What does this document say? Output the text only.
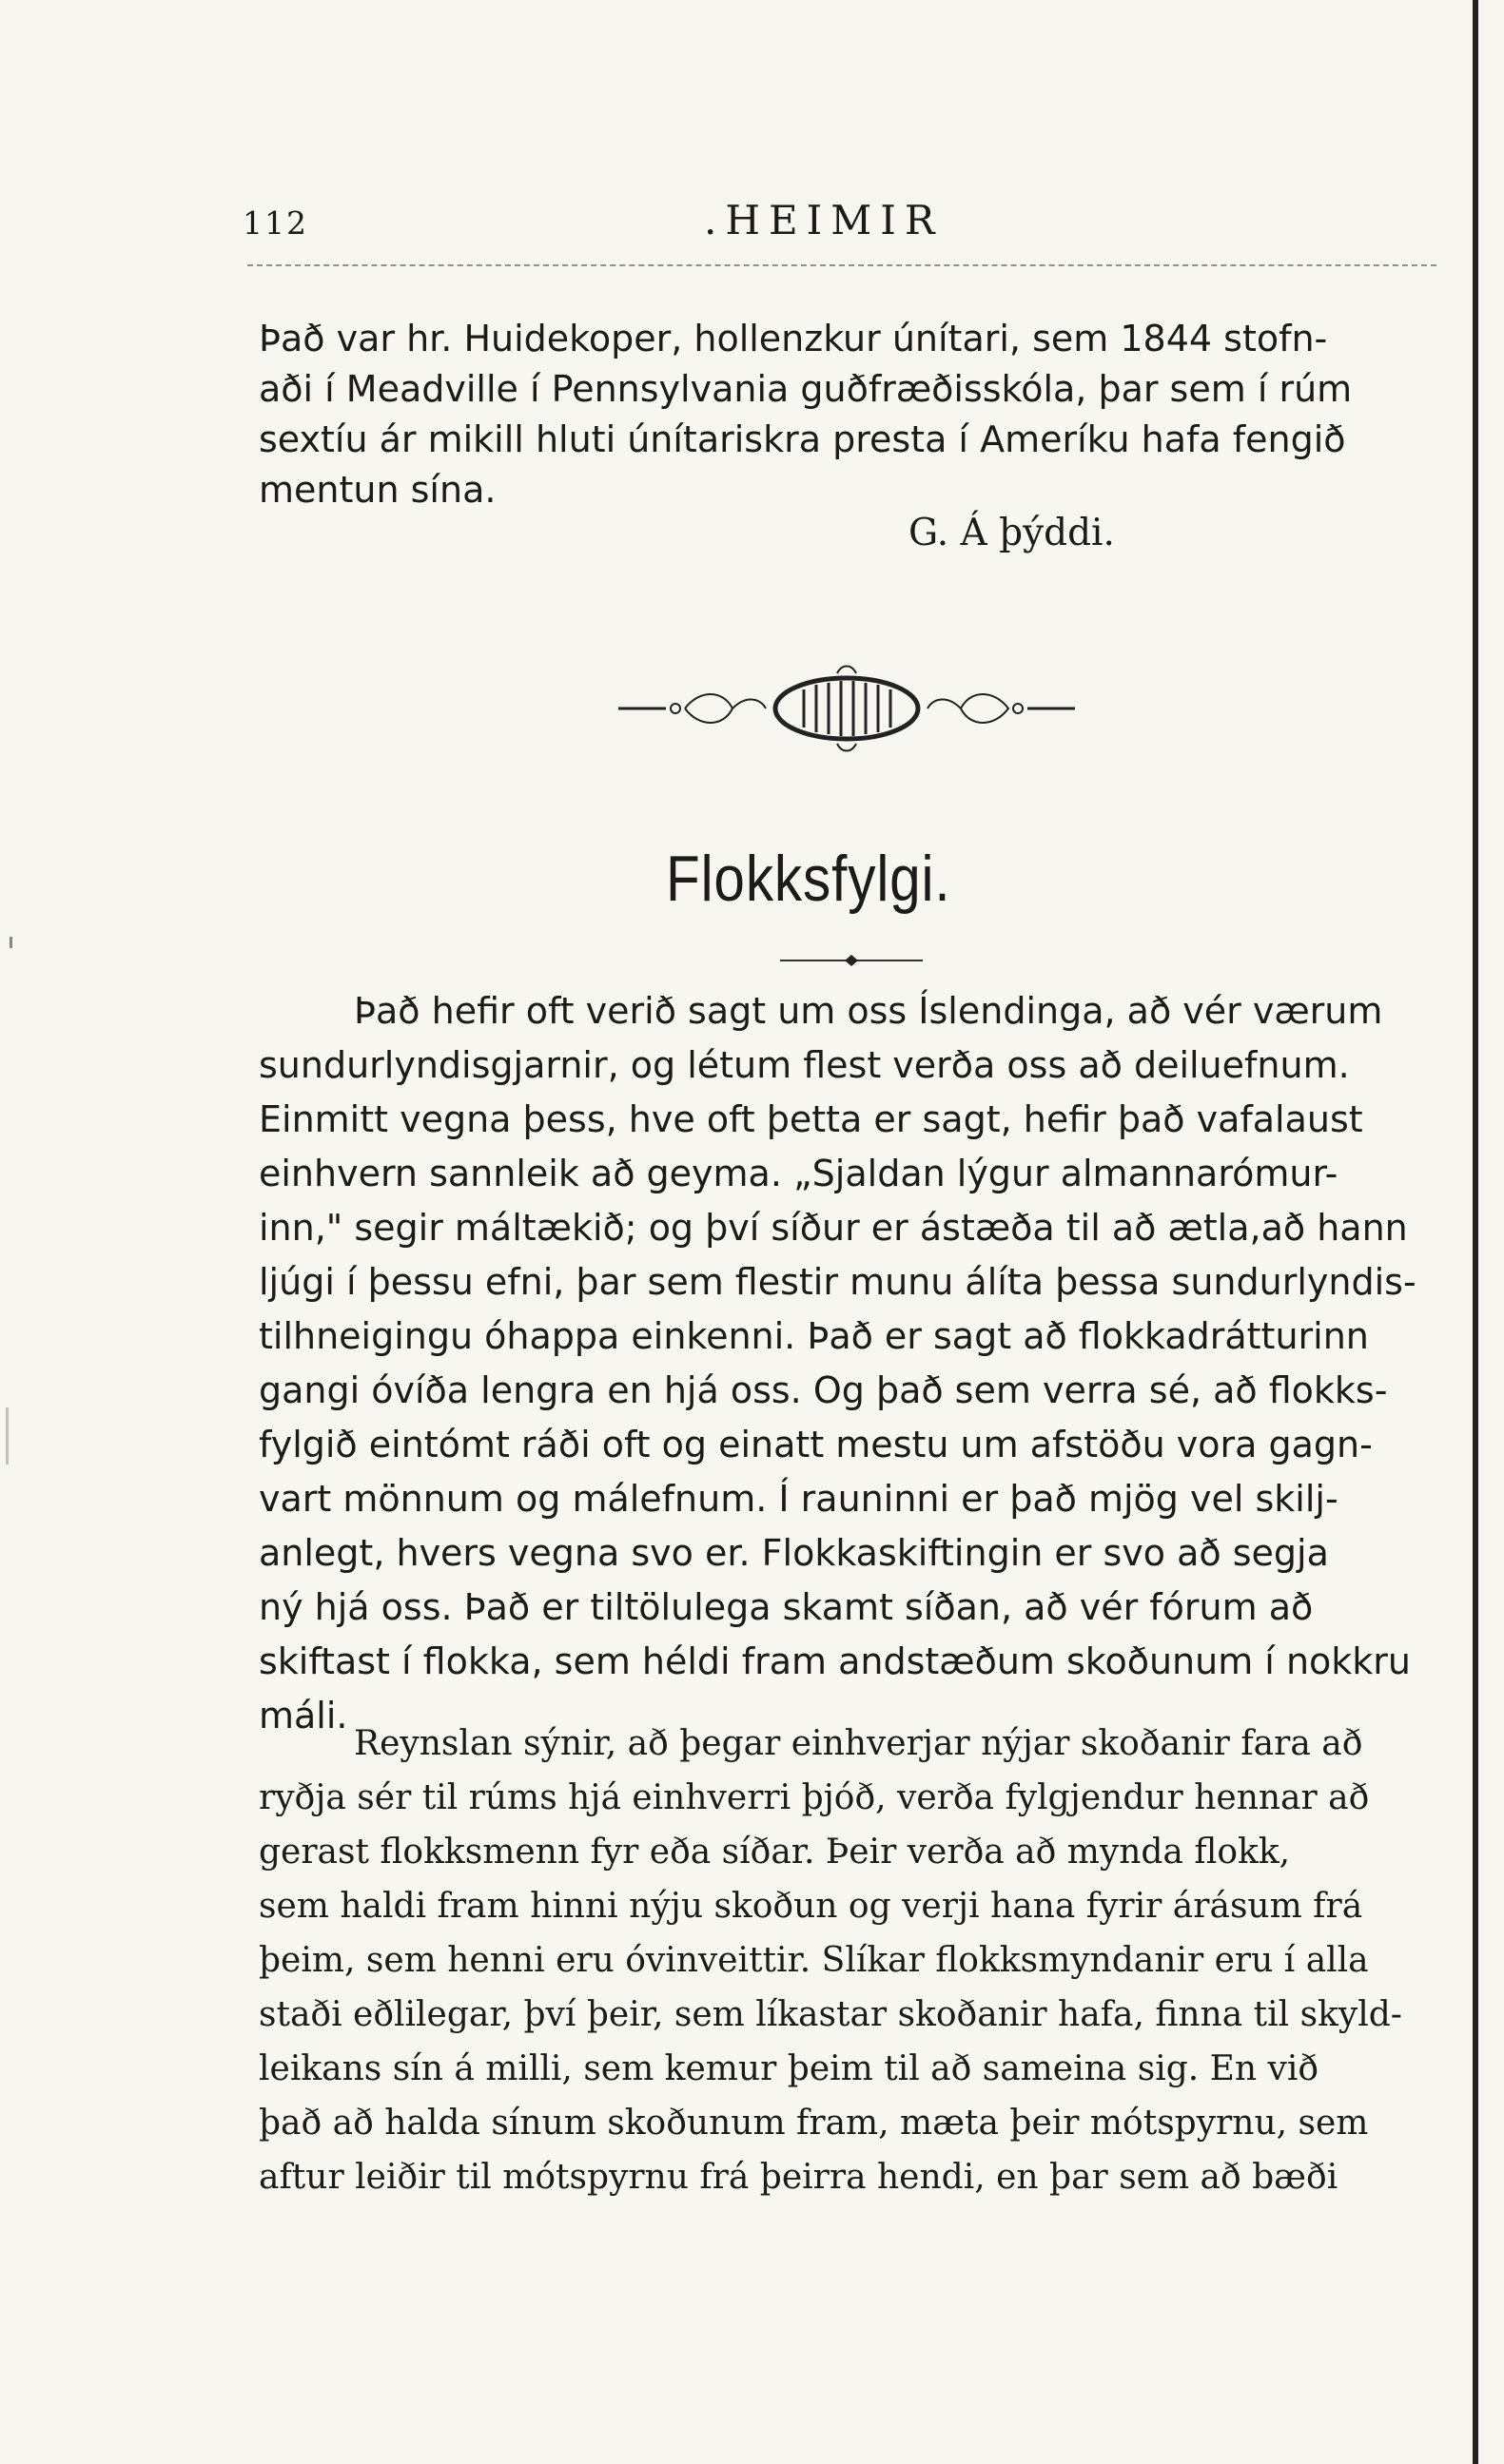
112	.HEIMIR
Það var hr. Huidekoper, hollenzkur únítari, sem 1844 stofn-
aði í Meadville í Pennsylvania guðfræðisskóla, þar sem í rúm
sextíu ár mikill hluti únítariskra presta í Ameríku hafa fengið
mentun sína.
G. Á þýddi.
Flokksfylgi.
Það hefir oft verið sagt um oss Íslendinga, að vér værum
sundurlyndisgjarnir, og létum flest verða oss að deiluefnum.
Einmitt vegna þess, hve oft þetta er sagt, hefir það vafalaust
einhvern sannleik að geyma. „Sjaldan lýgur almannarómur-
inn," segir máltækið; og því síður er ástæða til að ætla,að hann
ljúgi í þessu efni, þar sem flestir munu álíta þessa sundurlyndis-
tilhneigingu óhappa einkenni. Það er sagt að flokkadrátturinn
gangi óvíða lengra en hjá oss. Og það sem verra sé, að flokks-
fylgið eintómt ráði oft og einatt mestu um afstöðu vora gagn-
vart mönnum og málefnum. Í rauninni er það mjög vel skilj-
anlegt, hvers vegna svo er. Flokkaskiftingin er svo að segja
ný hjá oss. Það er tiltölulega skamt síðan, að vér fórum að
skiftast í flokka, sem héldi fram andstæðum skoðunum í nokkru
máli.
Reynslan sýnir, að þegar einhverjar nýjar skoðanir fara að
ryðja sér til rúms hjá einhverri þjóð, verða fylgjendur hennar að
gerast flokksmenn fyr eða síðar. Þeir verða að mynda flokk,
sem haldi fram hinni nýju skoðun og verji hana fyrir árásum frá
þeim, sem henni eru óvinveittir. Slíkar flokksmyndanir eru í alla
staði eðlilegar, því þeir, sem líkastar skoðanir hafa, finna til skyld-
leikans sín á milli, sem kemur þeim til að sameina sig. En við
það að halda sínum skoðunum fram, mæta þeir mótspyrnu, sem
aftur leiðir til mótspyrnu frá þeirra hendi, en þar sem að bæði
